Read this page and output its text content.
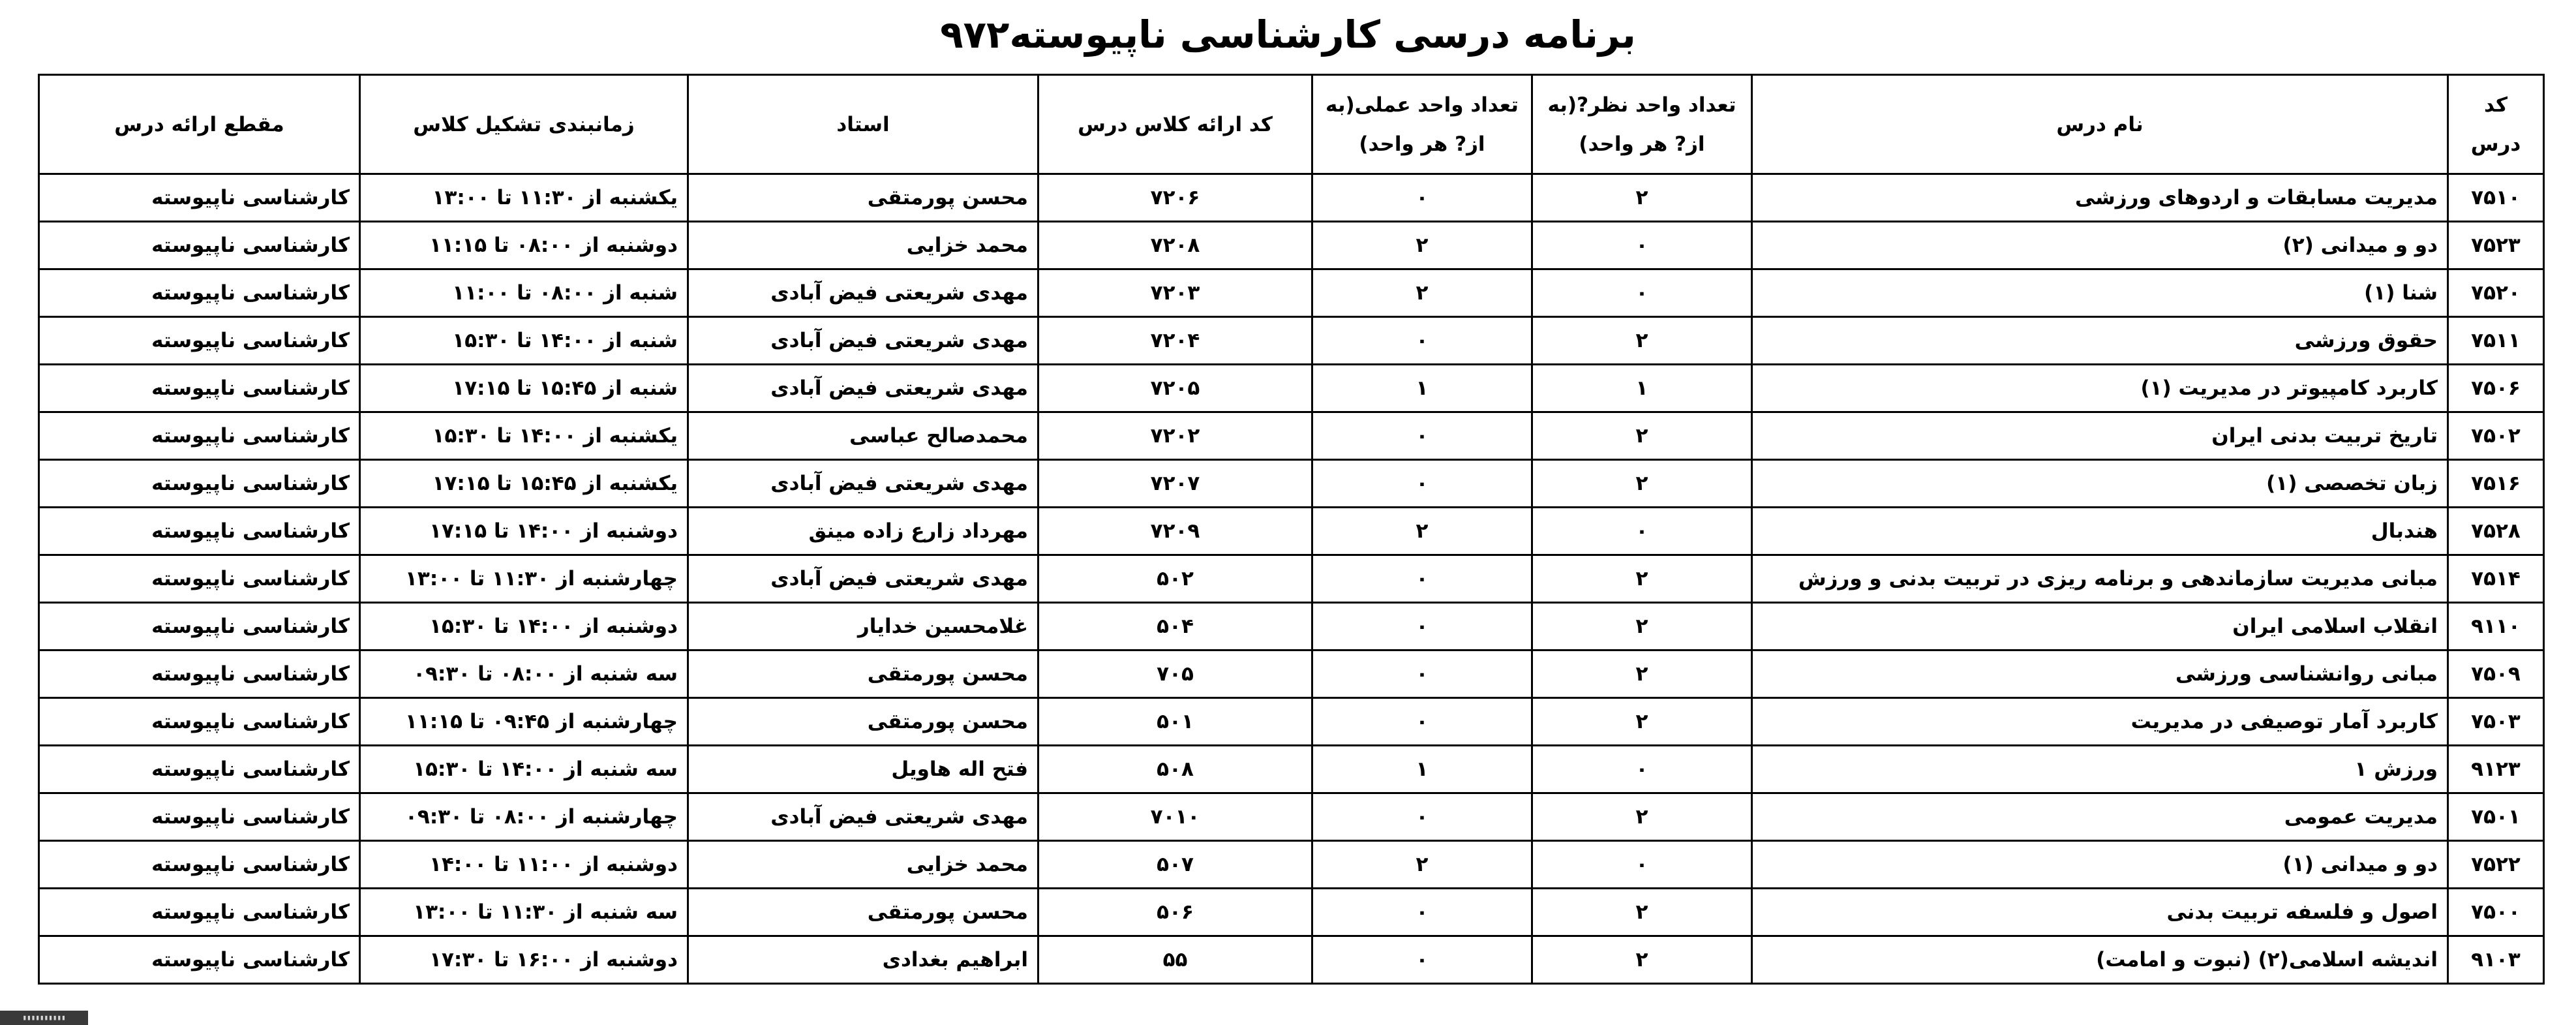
برنامه درسی کارشناسی ناپیوسته۹۷۲
کد درس	نام درس	تعداد واحد نظر?(به از? هر واحد)	تعداد واحد عملی(به از? هر واحد)	کد ارائه کلاس درس	استاد	زمانبندی تشکیل کلاس	مقطع ارائه درس
۷۵۱۰	مدیریت مسابقات و اردوهای ورزشی	۲	۰	۷۲۰۶	محسن پورمتقی	یکشنبه از ۱۱:۳۰ تا ۱۳:۰۰	کارشناسی ناپیوسته
۷۵۲۳	دو و میدانی (۲)	۰	۲	۷۲۰۸	محمد خزایی	دوشنبه از ۰۸:۰۰ تا ۱۱:۱۵	کارشناسی ناپیوسته
۷۵۲۰	شنا (۱)	۰	۲	۷۲۰۳	مهدی شریعتی فیض آبادی	شنبه از ۰۸:۰۰ تا ۱۱:۰۰	کارشناسی ناپیوسته
۷۵۱۱	حقوق ورزشی	۲	۰	۷۲۰۴	مهدی شریعتی فیض آبادی	شنبه از ۱۴:۰۰ تا ۱۵:۳۰	کارشناسی ناپیوسته
۷۵۰۶	کاربرد کامپیوتر در مدیریت (۱)	۱	۱	۷۲۰۵	مهدی شریعتی فیض آبادی	شنبه از ۱۵:۴۵ تا ۱۷:۱۵	کارشناسی ناپیوسته
۷۵۰۲	تاریخ تربیت بدنی ایران	۲	۰	۷۲۰۲	محمدصالح عباسی	یکشنبه از ۱۴:۰۰ تا ۱۵:۳۰	کارشناسی ناپیوسته
۷۵۱۶	زبان تخصصی (۱)	۲	۰	۷۲۰۷	مهدی شریعتی فیض آبادی	یکشنبه از ۱۵:۴۵ تا ۱۷:۱۵	کارشناسی ناپیوسته
۷۵۲۸	هندبال	۰	۲	۷۲۰۹	مهرداد زارع زاده مینق	دوشنبه از ۱۴:۰۰ تا ۱۷:۱۵	کارشناسی ناپیوسته
۷۵۱۴	مبانی مدیریت سازماندهی و برنامه ریزی در تربیت بدنی و ورزش	۲	۰	۵۰۲	مهدی شریعتی فیض آبادی	چهارشنبه از ۱۱:۳۰ تا ۱۳:۰۰	کارشناسی ناپیوسته
۹۱۱۰	انقلاب اسلامی ایران	۲	۰	۵۰۴	غلامحسین خدایار	دوشنبه از ۱۴:۰۰ تا ۱۵:۳۰	کارشناسی ناپیوسته
۷۵۰۹	مبانی روانشناسی ورزشی	۲	۰	۷۰۵	محسن پورمتقی	سه شنبه از ۰۸:۰۰ تا ۰۹:۳۰	کارشناسی ناپیوسته
۷۵۰۳	کاربرد آمار توصیفی در مدیریت	۲	۰	۵۰۱	محسن پورمتقی	چهارشنبه از ۰۹:۴۵ تا ۱۱:۱۵	کارشناسی ناپیوسته
۹۱۲۳	ورزش ۱	۰	۱	۵۰۸	فتح اله هاویل	سه شنبه از ۱۴:۰۰ تا ۱۵:۳۰	کارشناسی ناپیوسته
۷۵۰۱	مدیریت عمومی	۲	۰	۷۰۱۰	مهدی شریعتی فیض آبادی	چهارشنبه از ۰۸:۰۰ تا ۰۹:۳۰	کارشناسی ناپیوسته
۷۵۲۲	دو و میدانی (۱)	۰	۲	۵۰۷	محمد خزایی	دوشنبه از ۱۱:۰۰ تا ۱۴:۰۰	کارشناسی ناپیوسته
۷۵۰۰	اصول و فلسفه تربیت بدنی	۲	۰	۵۰۶	محسن پورمتقی	سه شنبه از ۱۱:۳۰ تا ۱۳:۰۰	کارشناسی ناپیوسته
۹۱۰۳	اندیشه اسلامی(۲) (نبوت و امامت)	۲	۰	۵۵	ابراهیم بغدادی	دوشنبه از ۱۶:۰۰ تا ۱۷:۳۰	کارشناسی ناپیوسته
▮▮▮▮▮▮▮▮▮▮
